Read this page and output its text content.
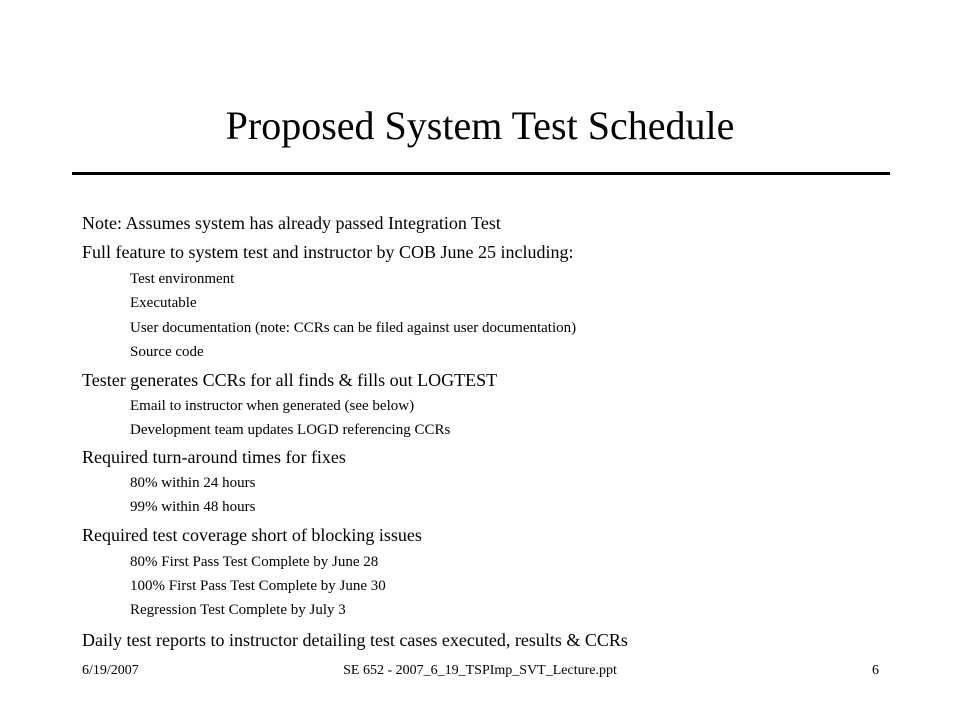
Proposed System Test Schedule
Note: Assumes system has already passed Integration Test
Full feature to system test and instructor by COB June 25 including:
Test environment
Executable
User documentation (note: CCRs can be filed against user documentation)
Source code
Tester generates CCRs for all finds & fills out LOGTEST
Email to instructor when generated (see below)
Development team updates LOGD referencing CCRs
Required turn-around times for fixes
80% within 24 hours
99% within 48 hours
Required test coverage short of blocking issues
80% First Pass Test Complete by June 28
100% First Pass Test Complete by June 30
Regression Test Complete by July 3
Daily test reports to instructor detailing test cases executed, results & CCRs
6/19/2007	SE 652 - 2007_6_19_TSPImp_SVT_Lecture.ppt	6
